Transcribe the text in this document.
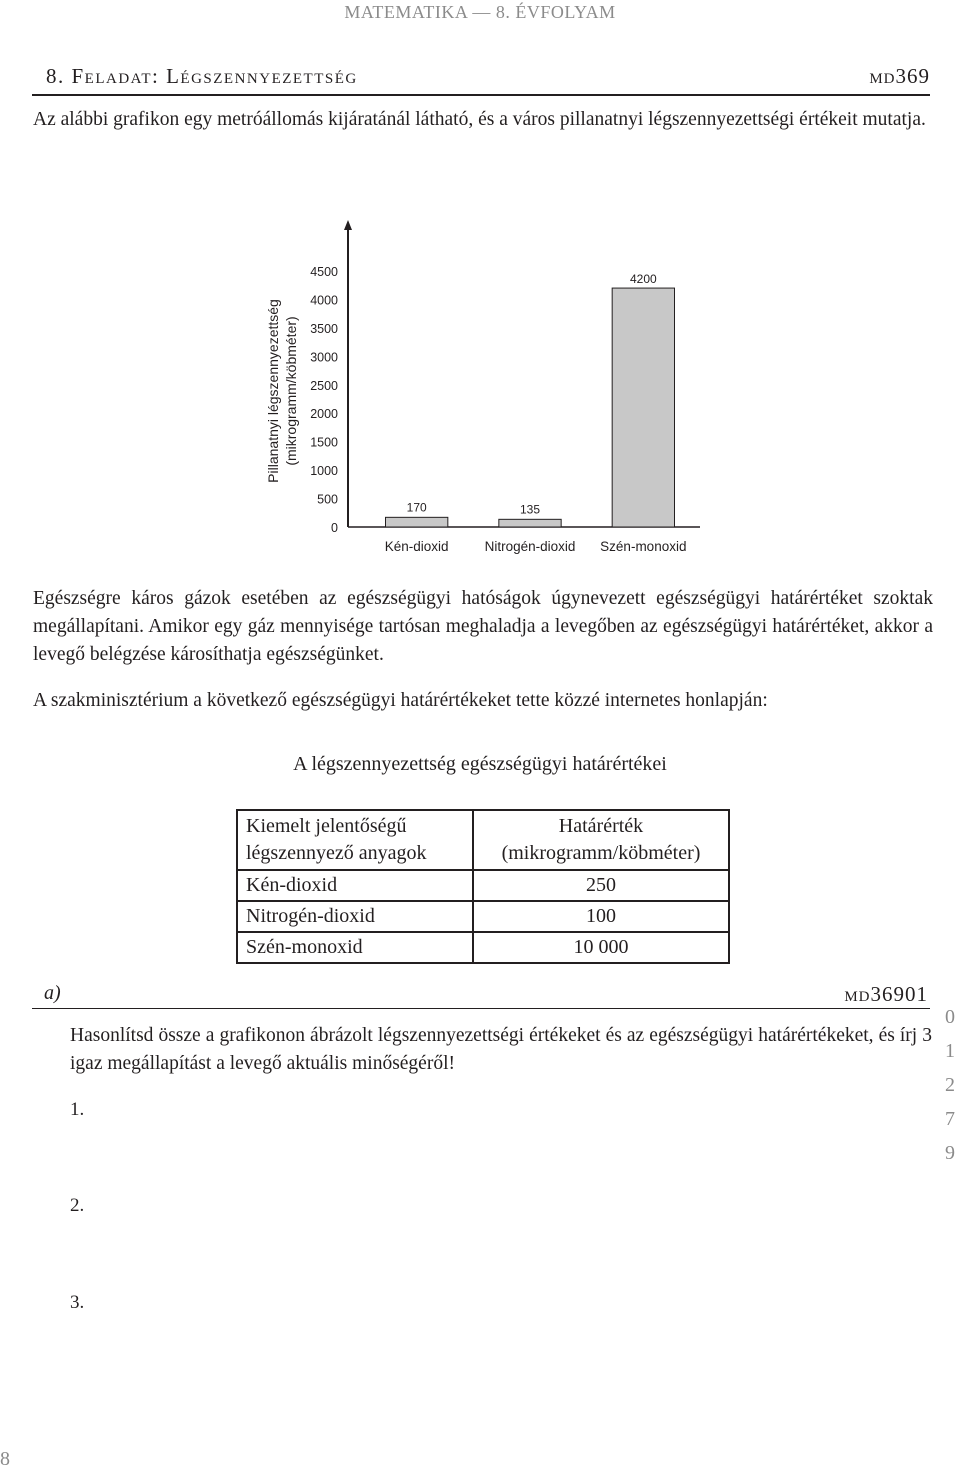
MATEMATIKA — 8. ÉVFOLYAM
8. Feladat: Légszennyezettség	md369

Az alábbi grafikon egy metróállomás kijáratánál látható, és a város pillanatnyi légszennyezettségi értékeit mutatja.

Pillanatnyi légszennyezettség (mikrogramm/köbméter)
0
500
1000
1500
2000
2500
3000
3500
4000
4500
170
Kén-dioxid
135
Nitrogén-dioxid
4200
Szén-monoxid

Egészségre káros gázok esetében az egészségügyi hatóságok úgynevezett egészségügyi határértéket szoktak megállapítani. Amikor egy gáz mennyisége tartósan meghaladja a levegőben az egészségügyi határértéket, akkor a levegő belégzése károsíthatja egészségünket.

A szakminisztérium a következő egészségügyi határértékeket tette közzé internetes honlapján:

A légszennyezettség egészségügyi határértékei
Kiemelt jelentőségű
légszennyező anyagok	Határérték
(mikrogramm/köbméter)
Kén-dioxid	250
Nitrogén-dioxid	100
Szén-monoxid	10 000
a)	md36901

Hasonlítsd össze a grafikonon ábrázolt légszennyezettségi értékeket és az egészségügyi határértékeket, és írj 3 igaz megállapítást a levegő aktuális minőségéről!

1.
2.
3.
0
1
2
7
9
8
